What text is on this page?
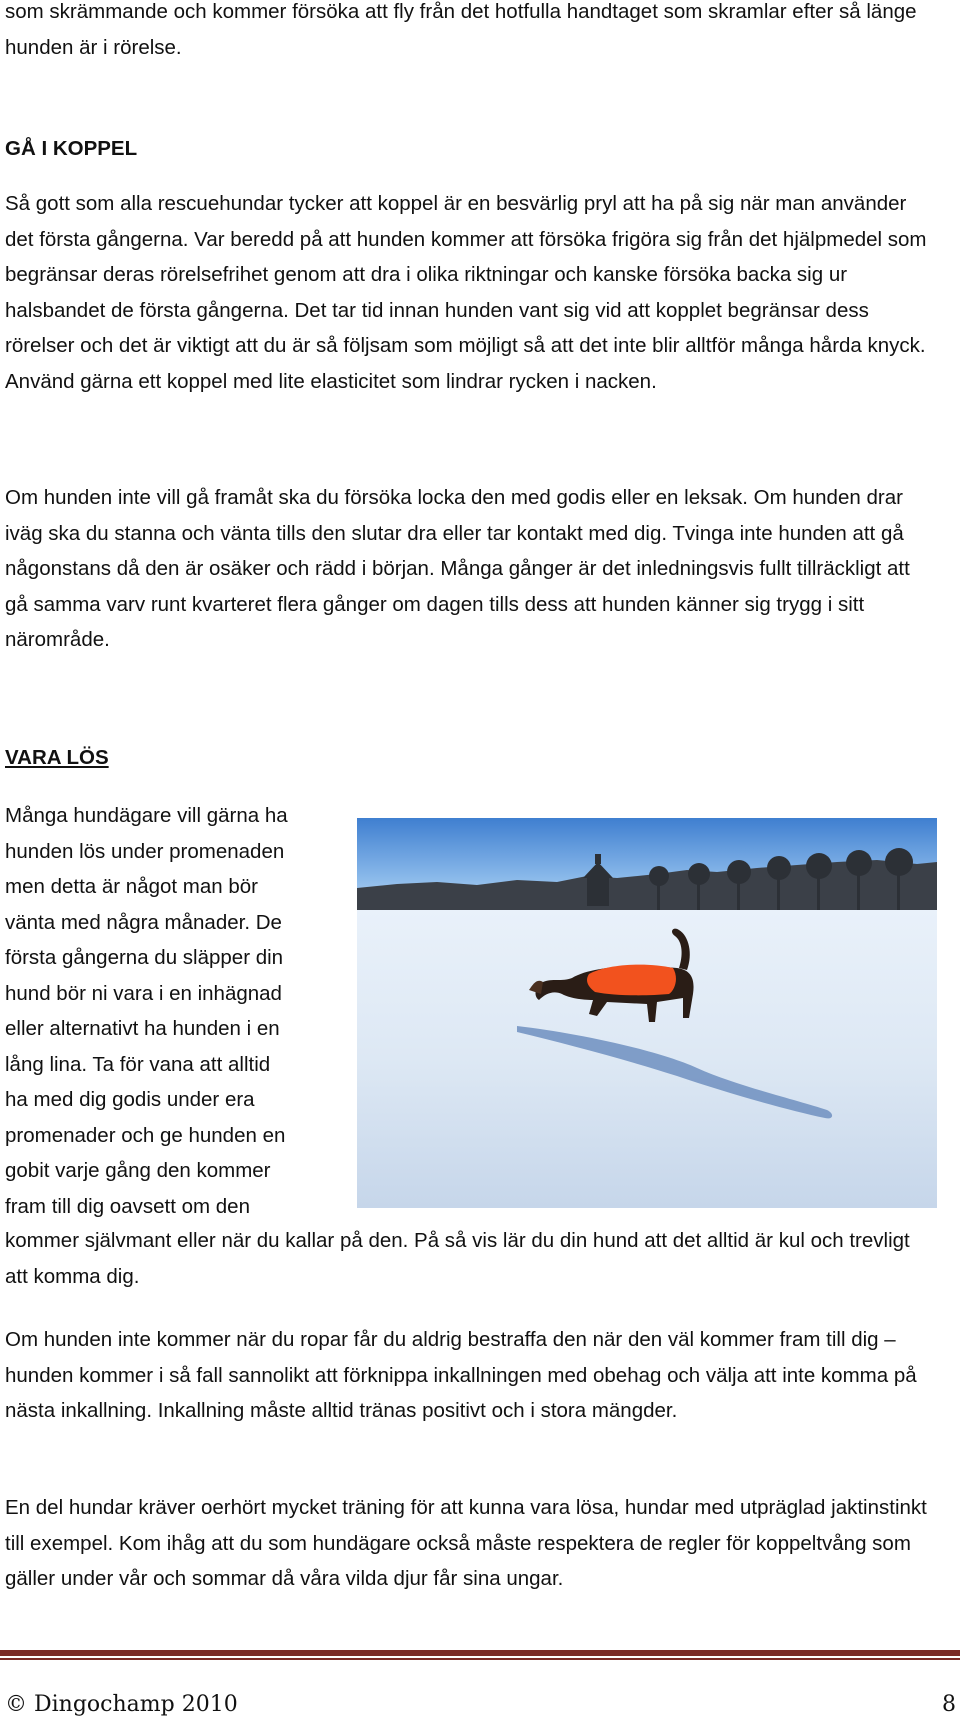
som skrämmande och kommer försöka att fly från det hotfulla handtaget som skramlar efter så länge hunden är i rörelse.

GÅ I KOPPEL

Så gott som alla rescuehundar tycker att koppel är en besvärlig pryl att ha på sig när man använder det första gångerna. Var beredd på att hunden kommer att försöka frigöra sig från det hjälpmedel som begränsar deras rörelsefrihet genom att dra i olika riktningar och kanske försöka backa sig ur halsbandet de första gångerna. Det tar tid innan hunden vant sig vid att kopplet begränsar dess rörelser och det är viktigt att du är så följsam som möjligt så att det inte blir alltför många hårda knyck. Använd gärna ett koppel med lite elasticitet som lindrar rycken i nacken.

Om hunden inte vill gå framåt ska du försöka locka den med godis eller en leksak. Om hunden drar iväg ska du stanna och vänta tills den slutar dra eller tar kontakt med dig. Tvinga inte hunden att gå någonstans då den är osäker och rädd i början. Många gånger är det inledningsvis fullt tillräckligt att gå samma varv runt kvarteret flera gånger om dagen tills dess att hunden känner sig trygg i sitt närområde.

VARA LÖS
Många hundägare vill gärna ha
hunden lös under promenaden
men detta är något man bör
vänta med några månader. De
första gångerna du släpper din
hund bör ni vara i en inhägnad
eller alternativt ha hunden i en
lång lina. Ta för vana att alltid
ha med dig godis under era
promenader och ge hunden en
gobit varje gång den kommer
fram till dig oavsett om den

kommer självmant eller när du kallar på den. På så vis lär du din hund att det alltid är kul och trevligt att komma dig.

Om hunden inte kommer när du ropar får du aldrig bestraffa den när den väl kommer fram till dig – hunden kommer i så fall sannolikt att förknippa inkallningen med obehag och välja att inte komma på nästa inkallning. Inkallning måste alltid tränas positivt och i stora mängder.

En del hundar kräver oerhört mycket träning för att kunna vara lösa, hundar med utpräglad jaktinstinkt till exempel. Kom ihåg att du som hundägare också måste respektera de regler för koppeltvång som gäller under vår och sommar då våra vilda djur får sina ungar.

© Dingochamp 2010	8
